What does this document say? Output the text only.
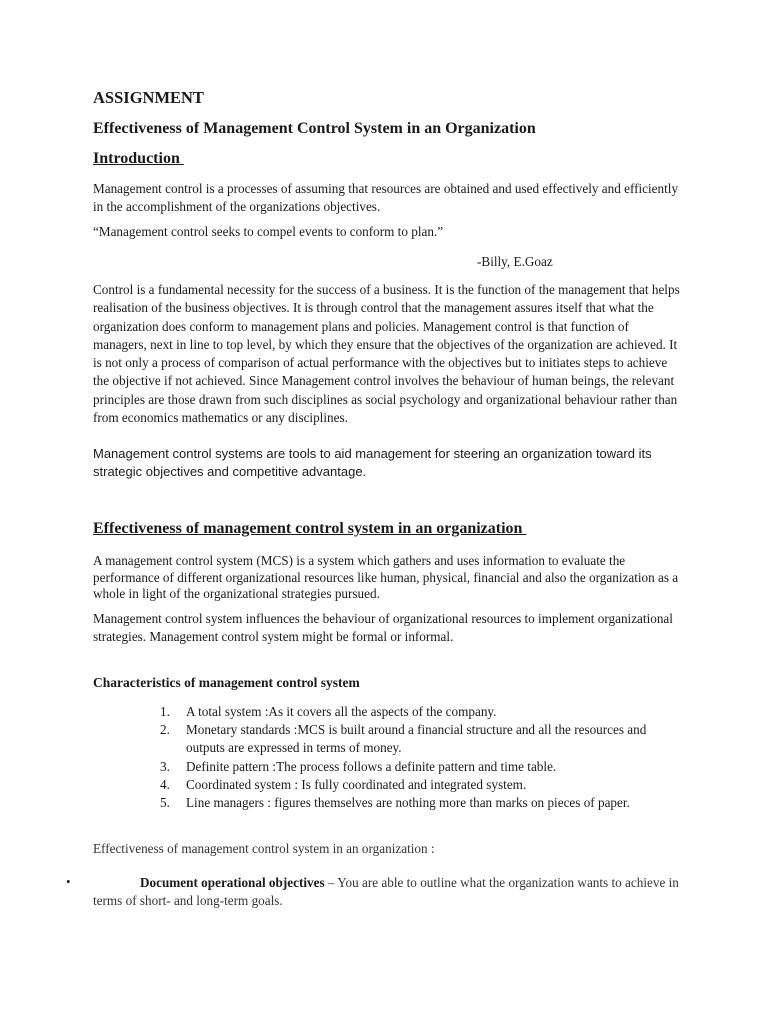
ASSIGNMENT
Effectiveness of Management Control System in an Organization
Introduction

Management control is a processes of assuming that resources are obtained and used effectively and efficiently in the accomplishment of the organizations objectives.

“Management control seeks to compel events to conform to plan.”

-Billy, E.Goaz

Control is a fundamental necessity for the success of a business. It is the function of the management that helps realisation of the business objectives. It is through control that the management assures itself that what the organization does conform to management plans and policies. Management control is that function of managers, next in line to top level, by which they ensure that the objectives of the organization are achieved. It is not only a process of comparison of actual performance with the objectives but to initiates steps to achieve the objective if not achieved. Since Management control involves the behaviour of human beings, the relevant principles are those drawn from such disciplines as social psychology and organizational behaviour rather than from economics mathematics or any disciplines.

Management control systems are tools to aid management for steering an organization toward its strategic objectives and competitive advantage.

Effectiveness of management control system in an organization

A management control system (MCS) is a system which gathers and uses information to evaluate the performance of different organizational resources like human, physical, financial and also the organization as a whole in light of the organizational strategies pursued.

Management control system influences the behaviour of organizational resources to implement organizational strategies. Management control system might be formal or informal.

Characteristics of management control system
1. A total system :As it covers all the aspects of the company.
2. Monetary standards :MCS is built around a financial structure and all the resources and outputs are expressed in terms of money.
3. Definite pattern :The process follows a definite pattern and time table.
4. Coordinated system : Is fully coordinated and integrated system.
5. Line managers : figures themselves are nothing more than marks on pieces of paper.

Effectiveness of management control system in an organization :

•	Document operational objectives – You are able to outline what the organization wants to achieve in terms of short- and long-term goals.
